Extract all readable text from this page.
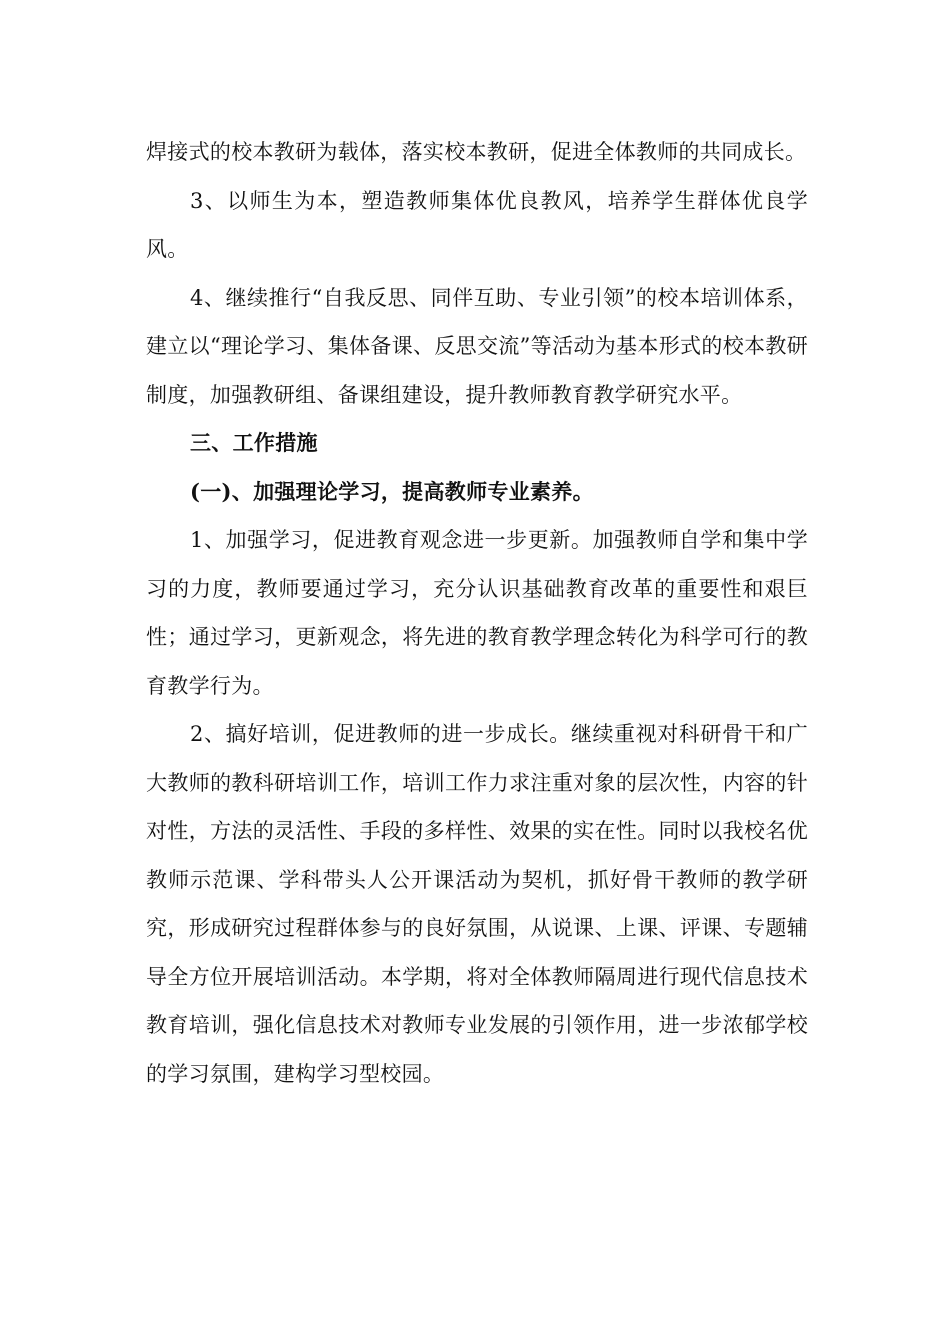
焊接式的校本教研为载体，落实校本教研，促进全体教师的共同成长。

3、以师生为本，塑造教师集体优良教风，培养学生群体优良学风。

4、继续推行“自我反思、同伴互助、专业引领”的校本培训体系，建立以“理论学习、集体备课、反思交流”等活动为基本形式的校本教研制度，加强教研组、备课组建设，提升教师教育教学研究水平。

三、工作措施

(一)、加强理论学习，提高教师专业素养。

1、加强学习，促进教育观念进一步更新。加强教师自学和集中学习的力度，教师要通过学习，充分认识基础教育改革的重要性和艰巨性；通过学习，更新观念，将先进的教育教学理念转化为科学可行的教育教学行为。

2、搞好培训，促进教师的进一步成长。继续重视对科研骨干和广大教师的教科研培训工作，培训工作力求注重对象的层次性，内容的针对性，方法的灵活性、手段的多样性、效果的实在性。同时以我校名优教师示范课、学科带头人公开课活动为契机，抓好骨干教师的教学研究，形成研究过程群体参与的良好氛围，从说课、上课、评课、专题辅导全方位开展培训活动。本学期，将对全体教师隔周进行现代信息技术教育培训，强化信息技术对教师专业发展的引领作用，进一步浓郁学校的学习氛围，建构学习型校园。
